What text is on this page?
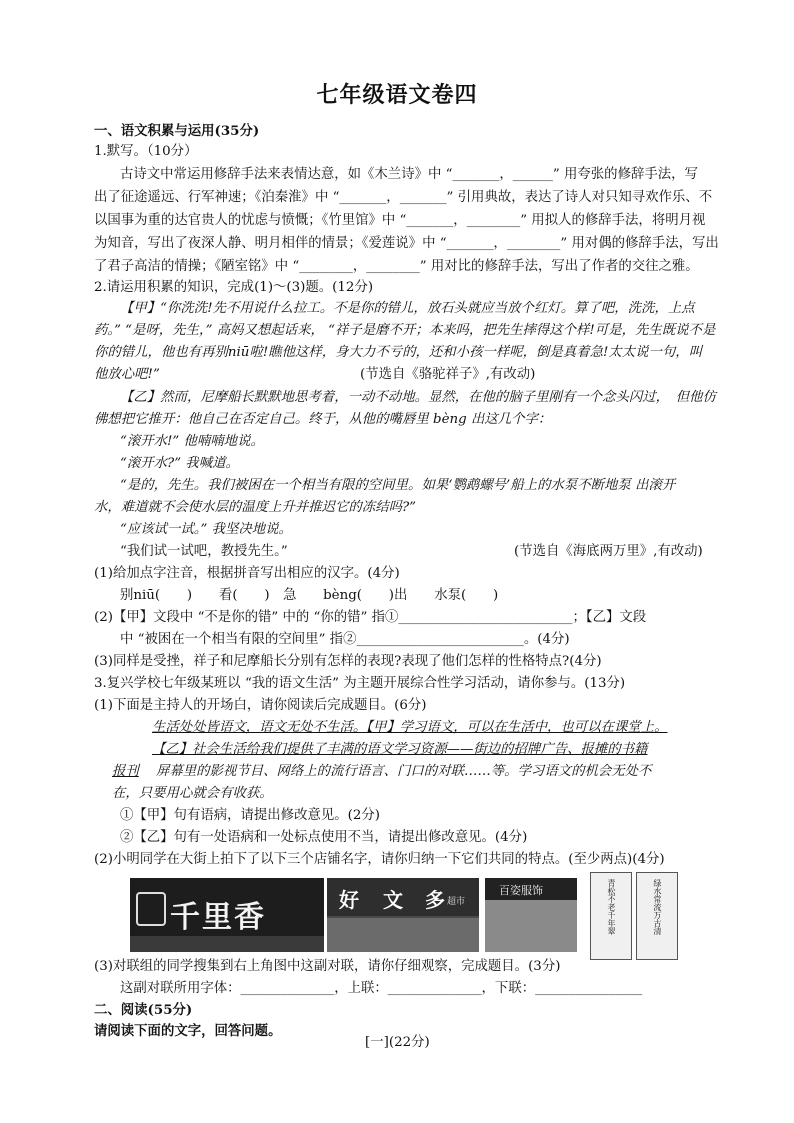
七年级语文卷四
一、语文积累与运用(35分)
1.默写。（10分）
古诗文中常运用修辞手法来表情达意，如《木兰诗》中 “_______，______” 用夸张的修辞手法，写
出了征途遥远、行军神速；《泊秦淮》中 “_______，_______” 引用典故，表达了诗人对只知寻欢作乐、不
以国事为重的达官贵人的忧虑与愤慨；《竹里馆》中 “_______，________” 用拟人的修辞手法，将明月视
为知音，写出了夜深人静、明月相伴的情景；《爱莲说》中 “_______，________” 用对偶的修辞手法，写出
了君子高洁的情操；《陋室铭》中 “________，________” 用对比的修辞手法，写出了作者的交往之雅。
2.请运用积累的知识，完成(1)～(3)题。(12分)
【甲】“你洗洗!先不用说什么拉工。不是你的错儿，放石头就应当放个红灯。算了吧，洗洗，上点
药。” “是呀，先生，” 高妈又想起话来， “祥子是磨不开；本来吗，把先生摔得这个样!可是，先生既说不是
你的错儿，他也有再别niū啦!瞧他这样，身大力不亏的，还和小孩一样呢，倒是真着急!太太说一句，叫
他放心吧!”	(节选自《骆驼祥子》,有改动)
【乙】然而，尼摩船长默默地思考着，一动不动地。显然，在他的脑子里刚有一个念头闪过，　但他仿
佛想把它推开：他自己在否定自己。终于，从他的嘴唇里 bèng 出这几个字：
“滚开水!” 他喃喃地说。
“滚开水?” 我喊道。
“是的，先生。我们被困在一个相当有限的空间里。如果‘鹦鹉螺号’船上的水泵不断地泵 出滚开
水，难道就不会使水层的温度上升并推迟它的冻结吗?”
“应该试一试。” 我坚决地说。
“我们试一试吧，教授先生。”	(节选自《海底两万里》,有改动)
(1)给加点字注音，根据拼音写出相应的汉字。(4分)
别niū(　　)　　看(　　)　急　　bèng(　　)出　　水泵(　　)
(2)【甲】文段中 “不是你的错” 中的 “你的错” 指①__________________________；【乙】文段
中 “被困在一个相当有限的空间里” 指②_________________________。(4分)
(3)同样是受挫，祥子和尼摩船长分别有怎样的表现?表现了他们怎样的性格特点?(4分)
3.复兴学校七年级某班以 “我的语文生活” 为主题开展综合性学习活动，请你参与。(13分)
(1)下面是主持人的开场白，请你阅读后完成题目。(6分)
生活处处皆语文，语文无处不生活。【甲】学习语文，可以在生活中，也可以在课堂上。
【乙】社会生活给我们提供了丰满的语文学习资源——街边的招牌广告、报摊的书籍
报刊 屏幕里的影视节目、网络上的流行语言、门口的对联……等。学习语文的机会无处不
在，只要用心就会有收获。
①【甲】句有语病，请提出修改意见。(2分)
②【乙】句有一处语病和一处标点使用不当，请提出修改意见。(4分)
(2)小明同学在大街上拍下了以下三个店铺名字，请你归纳一下它们共同的特点。(至少两点)(4分)
千里香	好 文 多 超市
百姿服饰	青松不老千年翠	绿水常流万古清
(3)对联组的同学搜集到右上角图中这副对联，请你仔细观察，完成题目。(3分)
这副对联所用字体：______________，上联：______________，下联：________________
二、阅读(55分)
请阅读下面的文字，回答问题。
[一](22分)
